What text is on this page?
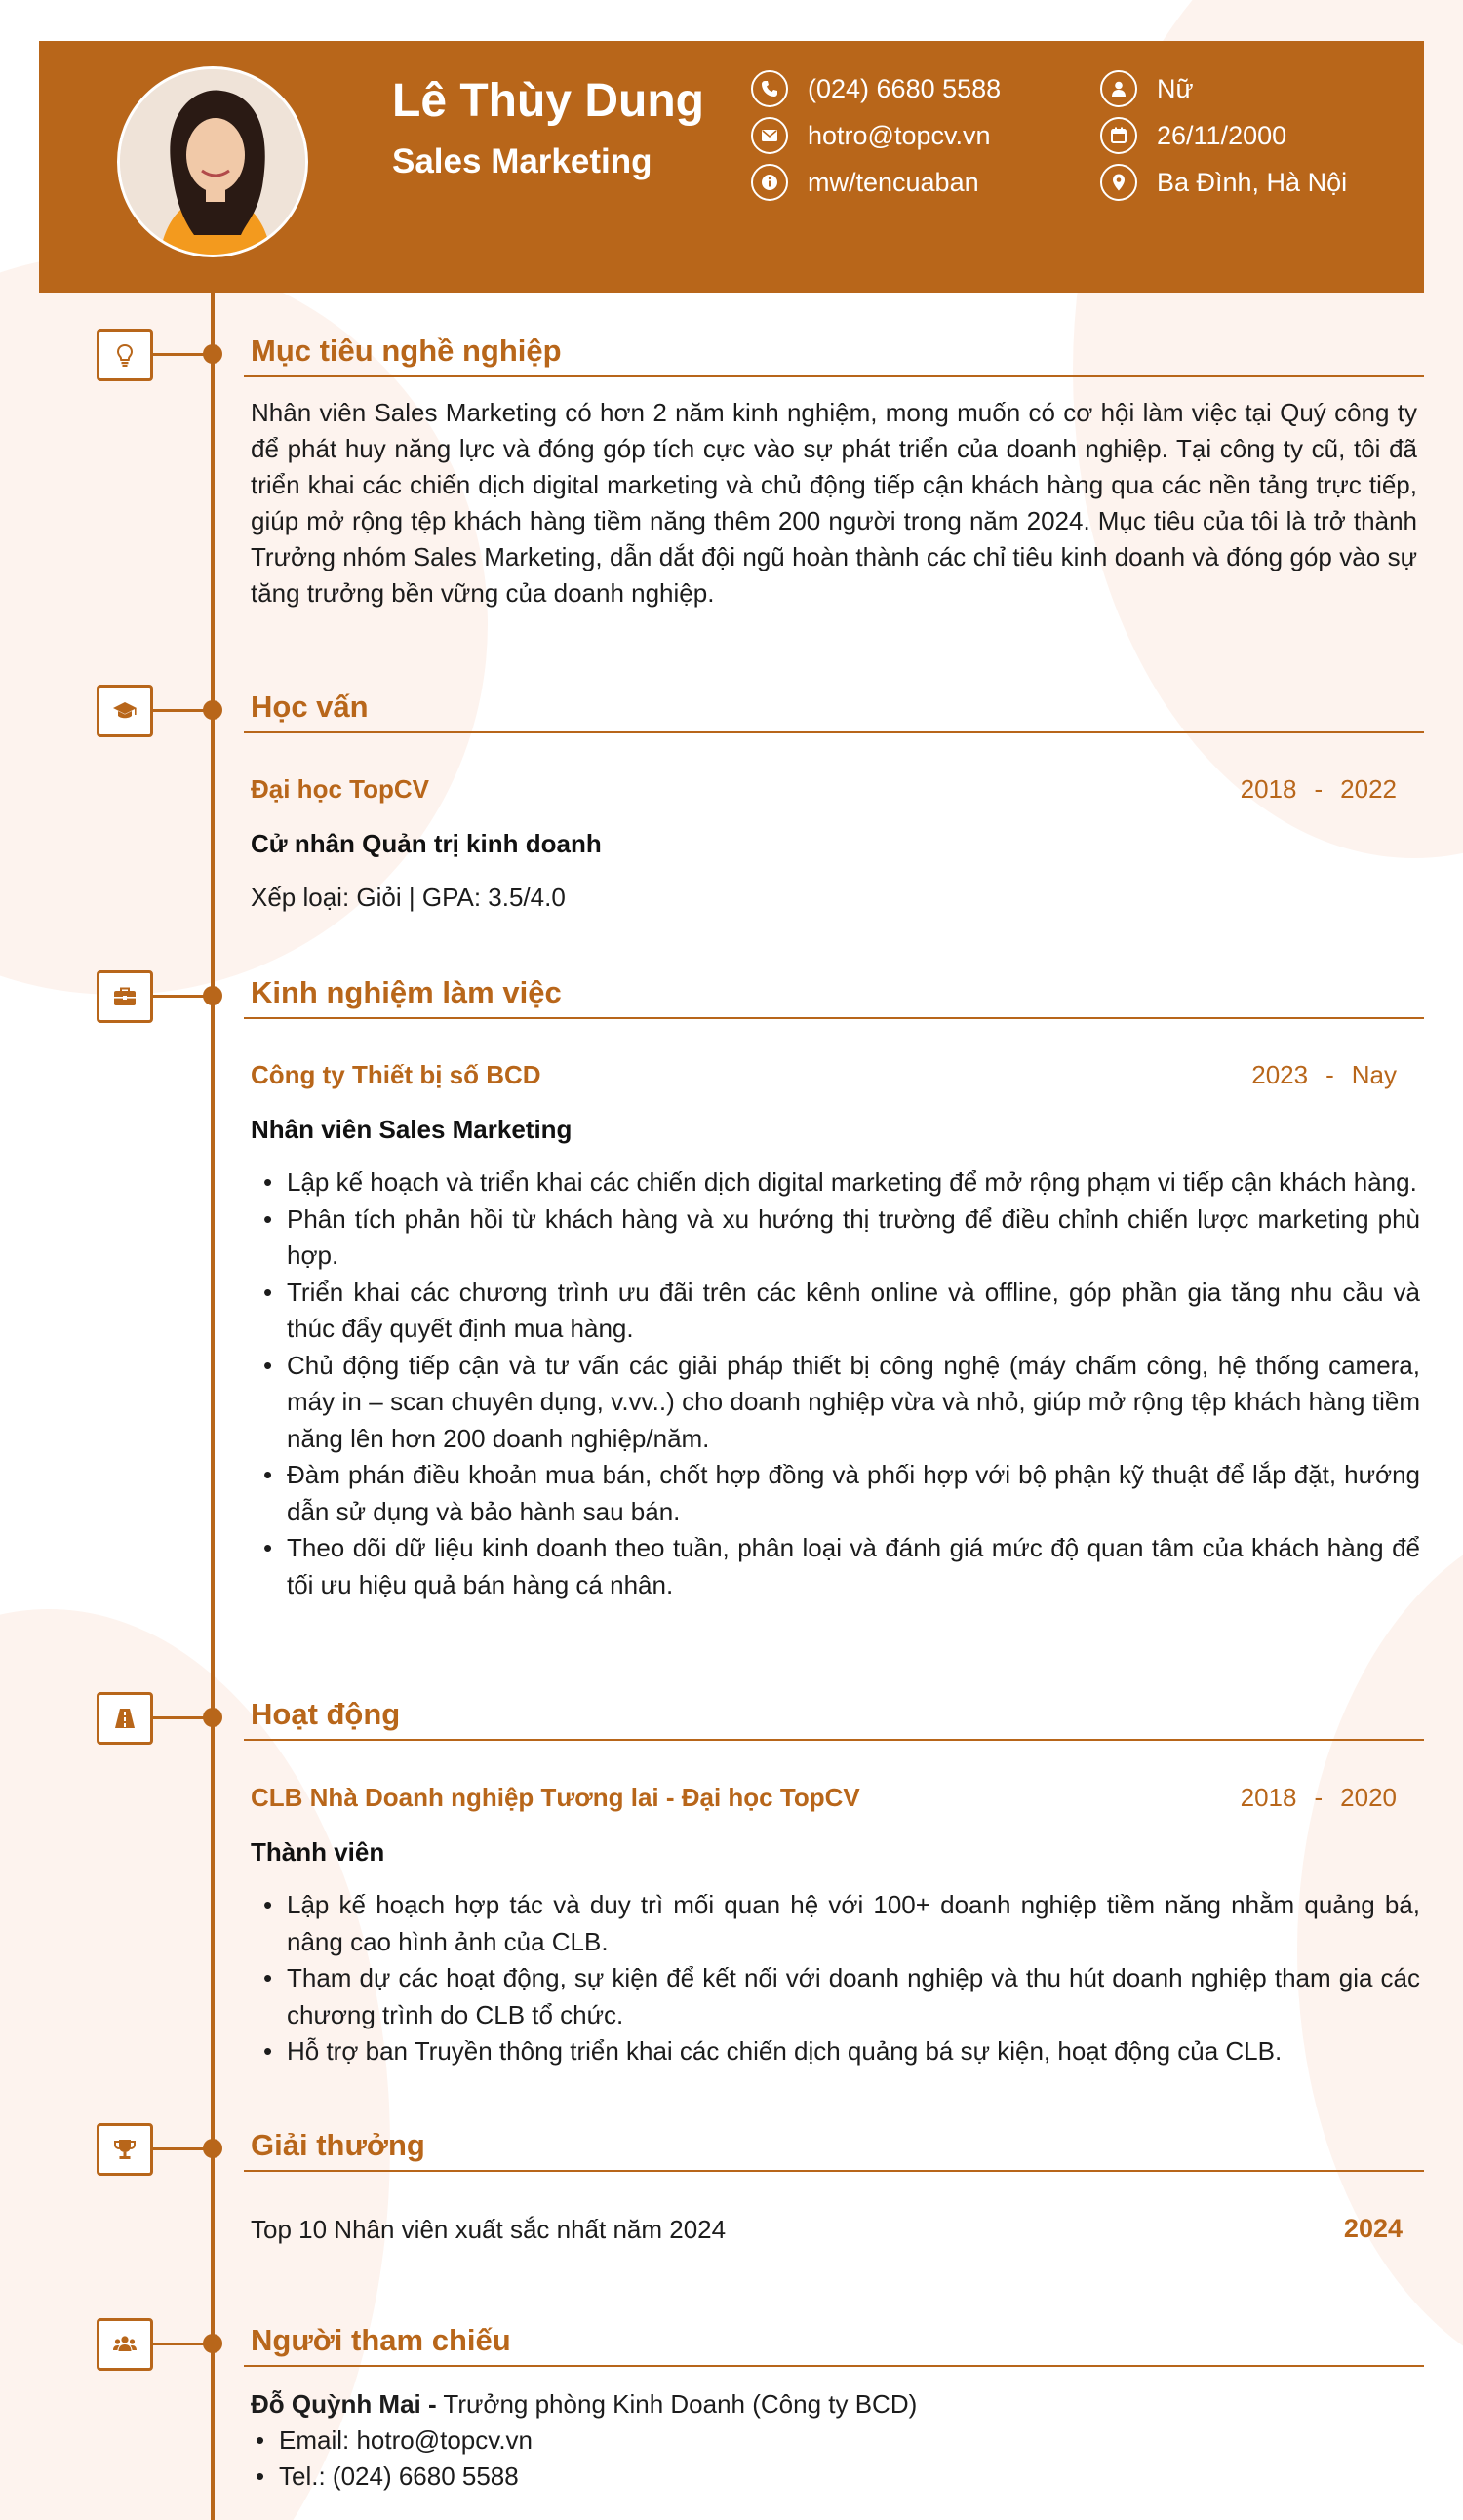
Lê Thùy Dung
Sales Marketing
(024) 6680 5588
hotro@topcv.vn
mw/tencuaban
Nữ
26/11/2000
Ba Đình, Hà Nội
Mục tiêu nghề nghiệp
Nhân viên Sales Marketing có hơn 2 năm kinh nghiệm, mong muốn có cơ hội làm việc tại Quý công ty để phát huy năng lực và đóng góp tích cực vào sự phát triển của doanh nghiệp. Tại công ty cũ, tôi đã triển khai các chiến dịch digital marketing và chủ động tiếp cận khách hàng qua các nền tảng trực tiếp, giúp mở rộng tệp khách hàng tiềm năng thêm 200 người trong năm 2024. Mục tiêu của tôi là trở thành Trưởng nhóm Sales Marketing, dẫn dắt đội ngũ hoàn thành các chỉ tiêu kinh doanh và đóng góp vào sự tăng trưởng bền vững của doanh nghiệp.
Học vấn
Đại học TopCV	2018 - 2022
Cử nhân Quản trị kinh doanh
Xếp loại: Giỏi | GPA: 3.5/4.0
Kinh nghiệm làm việc
Công ty Thiết bị số BCD	2023 - Nay
Nhân viên Sales Marketing
• Lập kế hoạch và triển khai các chiến dịch digital marketing để mở rộng phạm vi tiếp cận khách hàng.
• Phân tích phản hồi từ khách hàng và xu hướng thị trường để điều chỉnh chiến lược marketing phù hợp.
• Triển khai các chương trình ưu đãi trên các kênh online và offline, góp phần gia tăng nhu cầu và thúc đẩy quyết định mua hàng.
• Chủ động tiếp cận và tư vấn các giải pháp thiết bị công nghệ (máy chấm công, hệ thống camera, máy in – scan chuyên dụng, v.vv..) cho doanh nghiệp vừa và nhỏ, giúp mở rộng tệp khách hàng tiềm năng lên hơn 200 doanh nghiệp/năm.
• Đàm phán điều khoản mua bán, chốt hợp đồng và phối hợp với bộ phận kỹ thuật để lắp đặt, hướng dẫn sử dụng và bảo hành sau bán.
• Theo dõi dữ liệu kinh doanh theo tuần, phân loại và đánh giá mức độ quan tâm của khách hàng để tối ưu hiệu quả bán hàng cá nhân.
Hoạt động
CLB Nhà Doanh nghiệp Tương lai - Đại học TopCV	2018 - 2020
Thành viên
• Lập kế hoạch hợp tác và duy trì mối quan hệ với 100+ doanh nghiệp tiềm năng nhằm quảng bá, nâng cao hình ảnh của CLB.
• Tham dự các hoạt động, sự kiện để kết nối với doanh nghiệp và thu hút doanh nghiệp tham gia các chương trình do CLB tổ chức.
• Hỗ trợ ban Truyền thông triển khai các chiến dịch quảng bá sự kiện, hoạt động của CLB.
Giải thưởng
Top 10 Nhân viên xuất sắc nhất năm 2024	2024
Người tham chiếu
Đỗ Quỳnh Mai - Trưởng phòng Kinh Doanh (Công ty BCD)
• Email: hotro@topcv.vn
• Tel.: (024) 6680 5588
